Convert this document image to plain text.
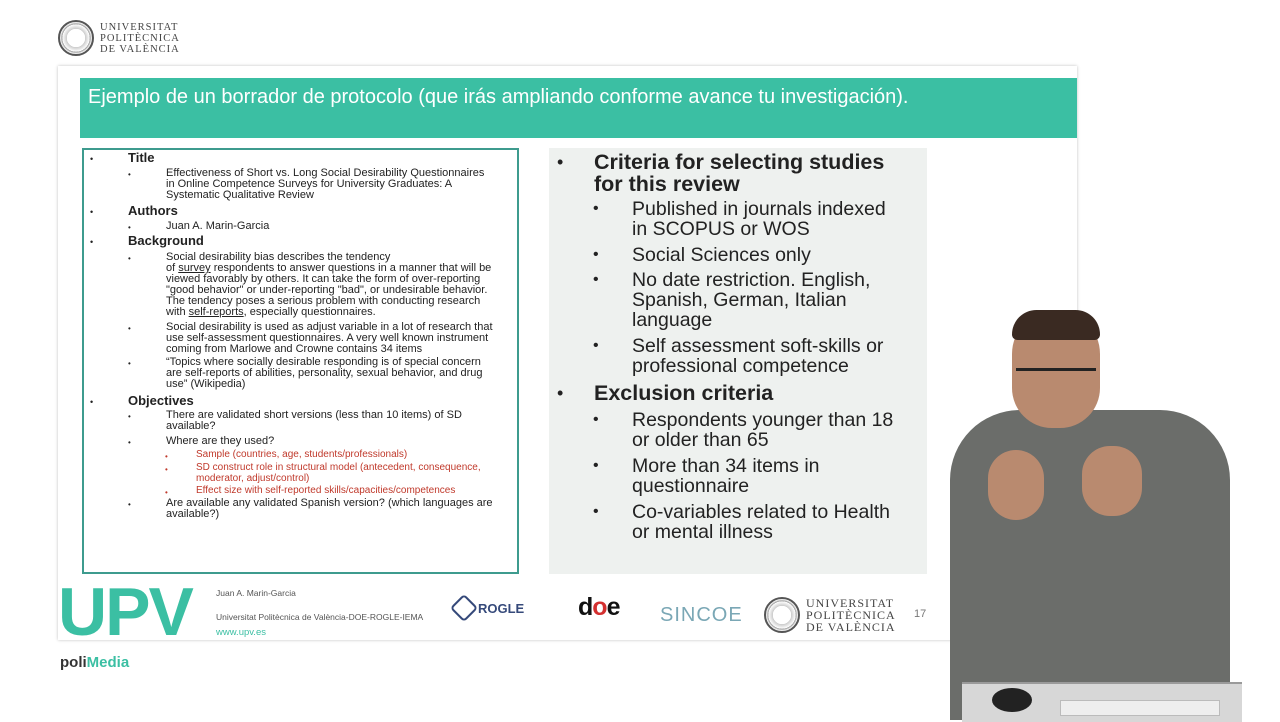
UNIVERSITAT
POLITÈCNICA
DE VALÈNCIA
Ejemplo de un borrador de protocolo (que irás ampliando conforme avance tu investigación).
•	Title
•	Effectiveness of Short vs. Long Social Desirability Questionnaires
in Online Competence Surveys for University Graduates: A
Systematic Qualitative Review
•	Authors
•	Juan A. Marin-Garcia
•	Background
•	Social desirability bias describes the tendency
of survey respondents to answer questions in a manner that will be
viewed favorably by others. It can take the form of over-reporting
"good behavior" or under-reporting "bad", or undesirable behavior.
The tendency poses a serious problem with conducting research
with self-reports, especially questionnaires.
•	Social desirability is used as adjust variable in a lot of research that
use self-assessment questionnaires. A very well known instrument
coming from Marlowe and Crowne contains 34 items
•	“Topics where socially desirable responding is of special concern
are self-reports of abilities, personality, sexual behavior, and drug
use” (Wikipedia)
•	Objectives
•	There are validated short versions (less than 10 items) of SD
available?
•	Where are they used?
•	Sample (countries, age, students/professionals)
•	SD construct role in structural model (antecedent, consequence,
moderator, adjust/control)
•	Effect size with self-reported skills/capacities/competences
•	Are available any validated Spanish version? (which languages are
available?)
• Criteria for selecting studies
for this review
• Published in journals indexed
in SCOPUS or WOS
• Social Sciences only
• No date restriction. English,
Spanish, German, Italian
language
• Self assessment soft-skills or
professional competence
• Exclusion criteria
• Respondents younger than 18
or older than 65
• More than 34 items in
questionnaire
• Co-variables related to Health
or mental illness
UPV	Juan A. Marin-Garcia
Universitat Politècnica de València-DOE-ROGLE-IEMA
www.upv.es
ROGLE doe SINCOE
UNIVERSITAT
POLITÈCNICA
DE VALÈNCIA
17
poliMedia
